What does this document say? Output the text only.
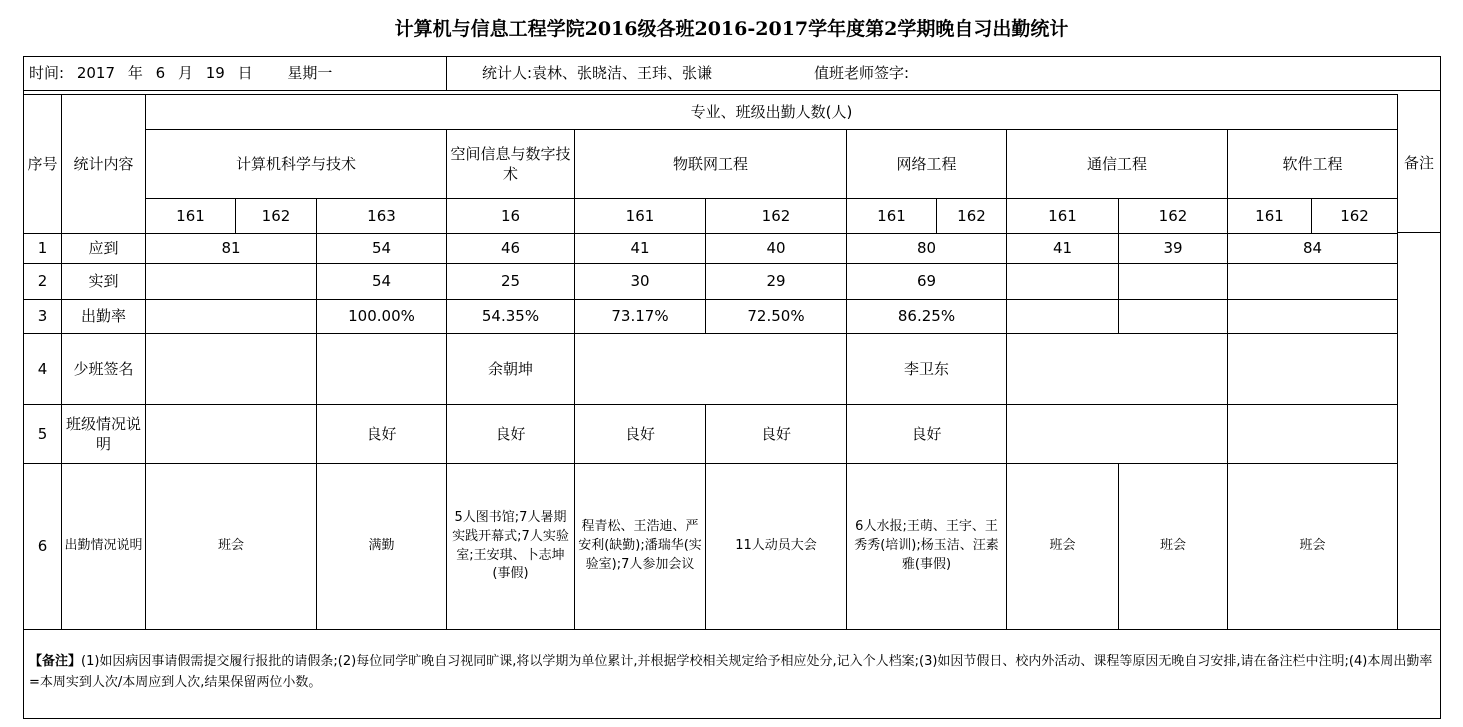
计算机与信息工程学院2016级各班2016-2017学年度第2学期晚自习出勤统计
时间: 2017 年 6 月 19 日 星期一	统计人:袁林、张晓洁、王玮、张谦	值班老师签字:
序号	统计内容	专业、班级出勤人数(人)											
		计算机科学与技术			空间信息与数字技术	物联网工程		网络工程		通信工程		软件工程	
		161	162	163	16	161	162	161	162	161	162	161	162
1	应到	81		54	46	41	40	80		41	39	84	
2	实到			54	25	30	29	69					
3	出勤率			100.00%	54.35%	73.17%	72.50%	86.25%					
4	少班签名				余朝坤			李卫东					
5	班级情况说明			良好	良好	良好	良好	良好					
6	出勤情况说明	班会		满勤	5人图书馆;7人暑期实践开幕式;7人实验室;王安琪、卜志坤(事假)	程青松、王浩迪、严安利(缺勤);潘瑞华(实验室);7人参加会议	11人动员大会	6人水报;王萌、王宇、王秀秀(培训);杨玉洁、汪素雅(事假)		班会	班会	班会	
备注
【备注】(1)如因病因事请假需提交履行报批的请假条;(2)每位同学旷晚自习视同旷课,将以学期为单位累计,并根据学校相关规定给予相应处分,记入个人档案;(3)如因节假日、校内外活动、课程等原因无晚自习安排,请在备注栏中注明;(4)本周出勤率=本周实到人次/本周应到人次,结果保留两位小数。
